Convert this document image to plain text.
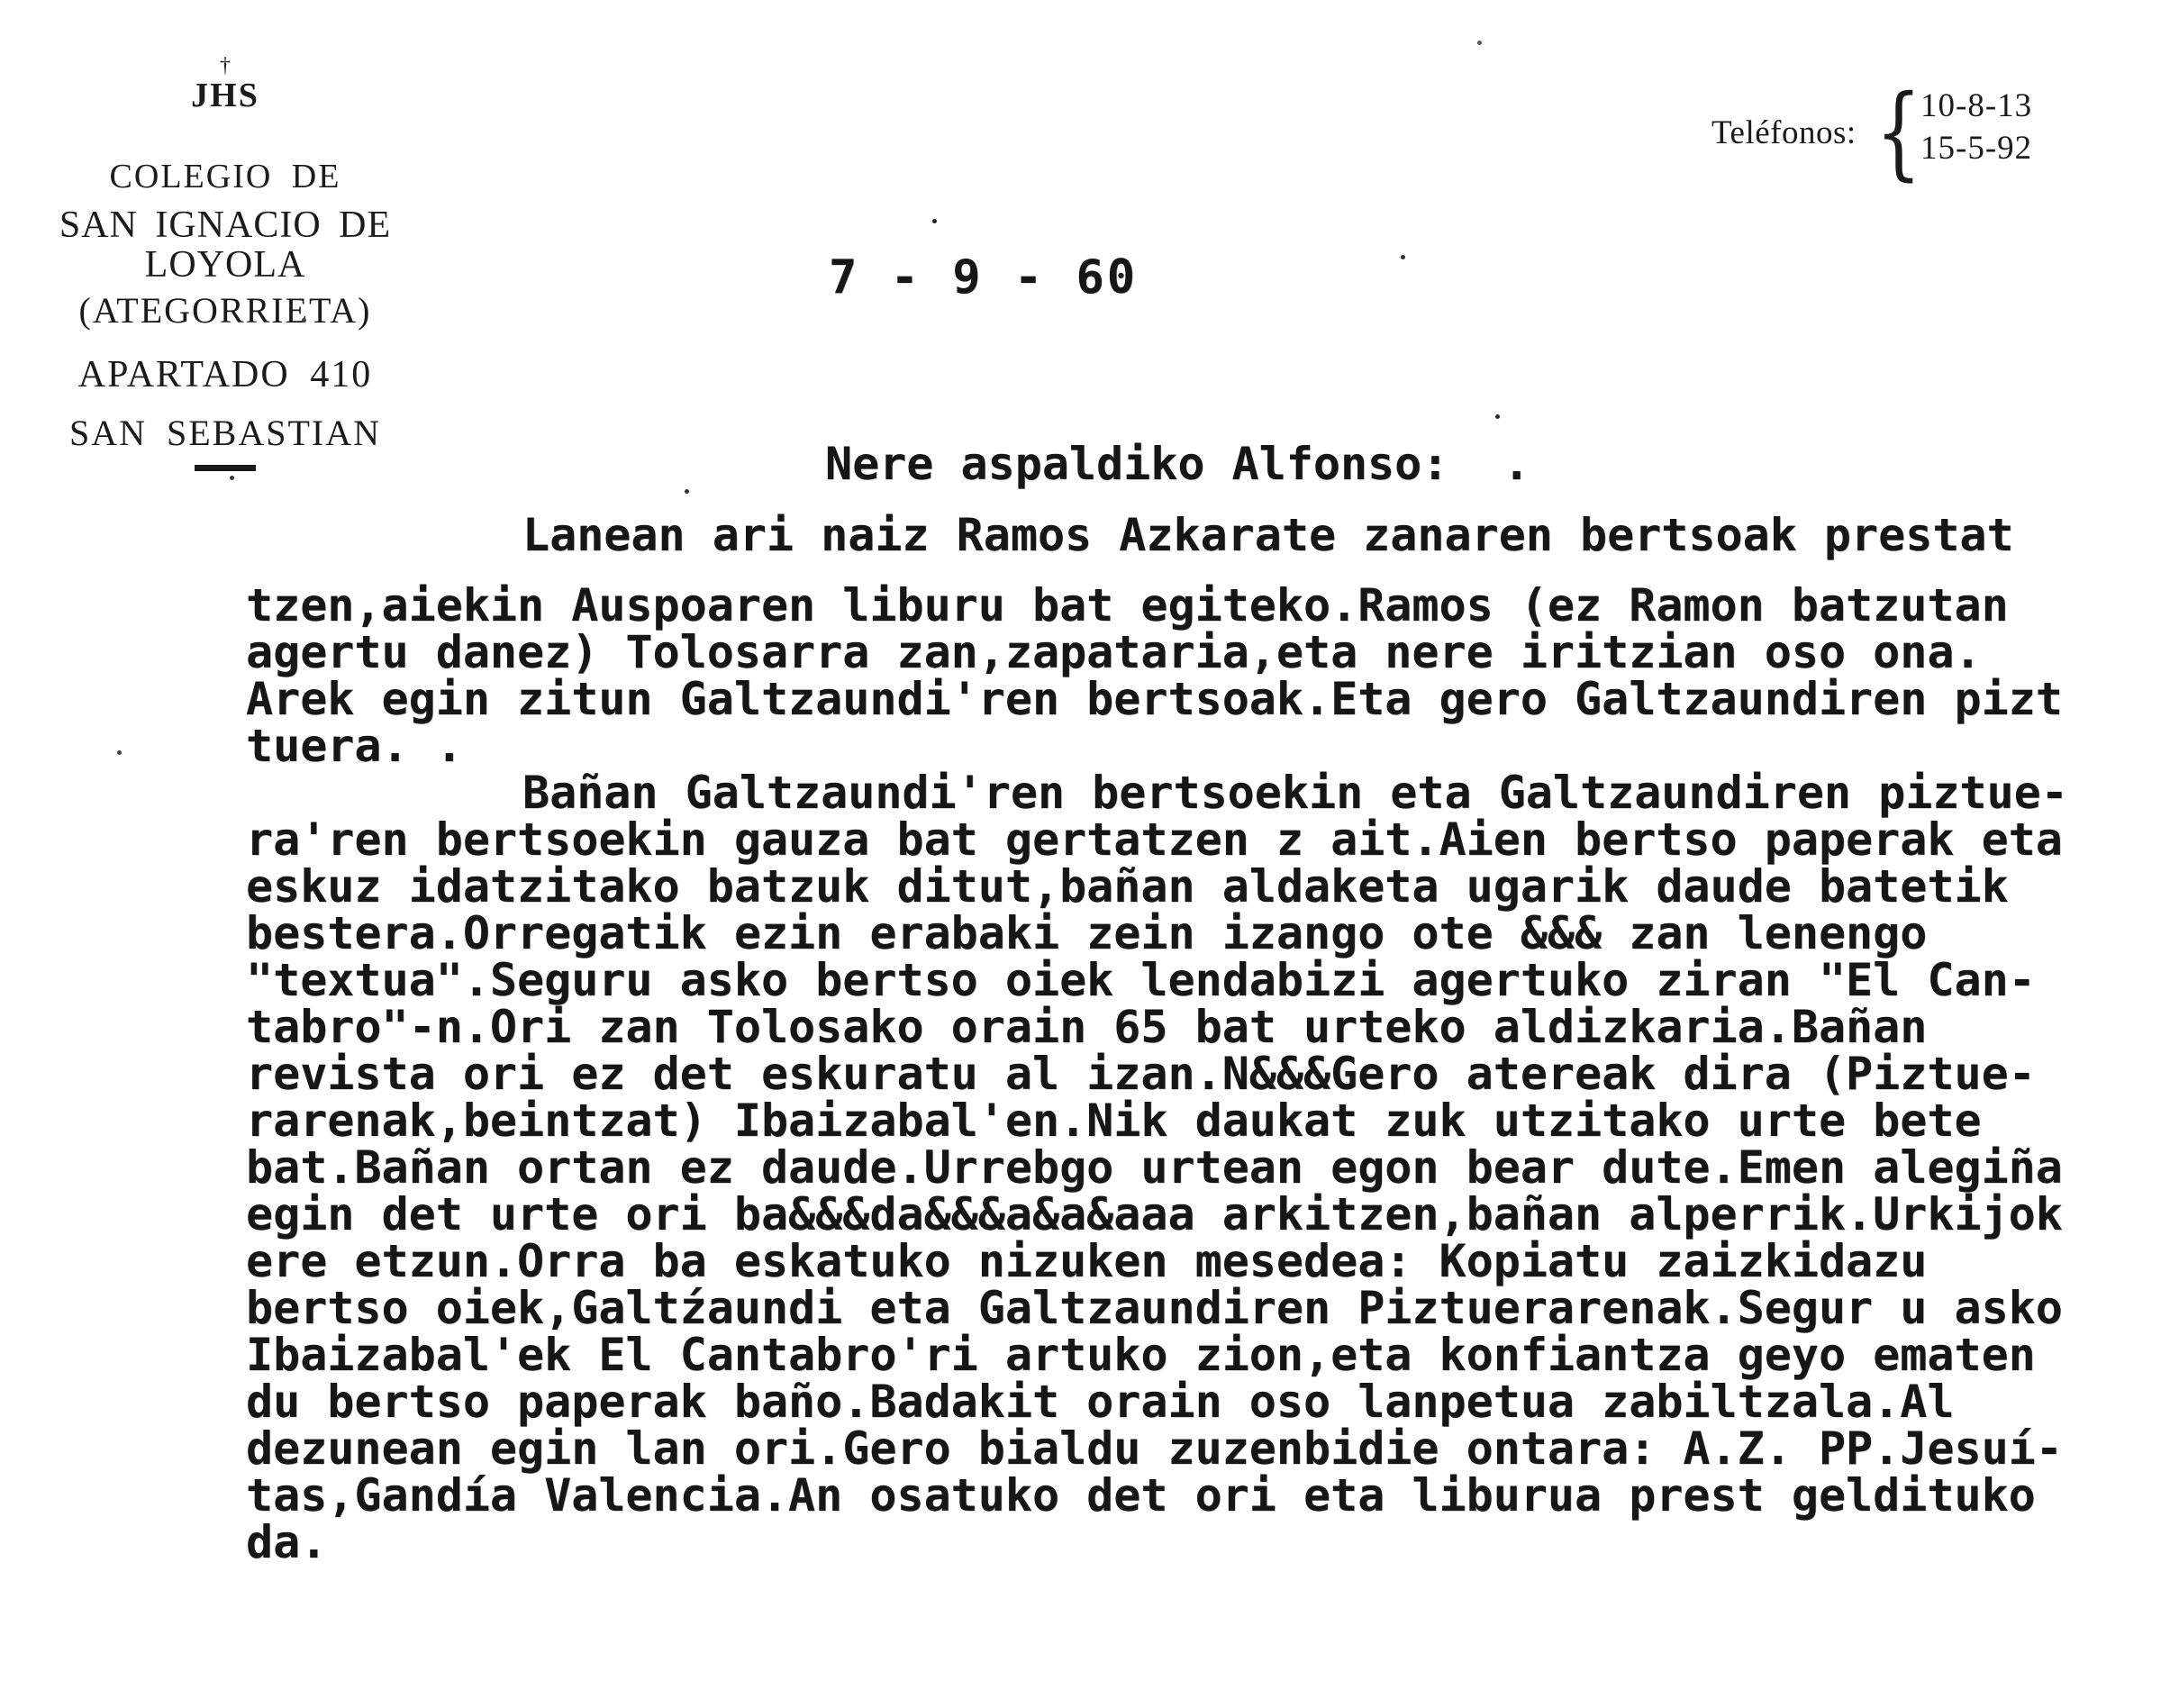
†
JHS
COLEGIO DE
SAN IGNACIO DE LOYOLA
(ATEGORRIETA)
APARTADO 410
SAN SEBASTIAN
Teléfonos: {
10-8-13
15-5-92
7 - 9 - 60
Nere aspaldiko Alfonso:  .
Lanean ari naiz Ramos Azkarate zanaren bertsoak prestat
tzen,aiekin Auspoaren liburu bat egiteko.Ramos (ez Ramon batzutan
agertu danez) Tolosarra zan,zapataria,eta nere iritzian oso ona.
Arek egin zitun Galtzaundi'ren bertsoak.Eta gero Galtzaundiren pizt
tuera. .
Bañan Galtzaundi'ren bertsoekin eta Galtzaundiren piztue-
ra'ren bertsoekin gauza bat gertatzen z ait.Aien bertso paperak eta
eskuz idatzitako batzuk ditut,bañan aldaketa ugarik daude batetik
bestera.Orregatik ezin erabaki zein izango ote &&& zan lenengo
"textua".Seguru asko bertso oiek lendabizi agertuko ziran "El Can-
tabro"-n.Ori zan Tolosako orain 65 bat urteko aldizkaria.Bañan
revista ori ez det eskuratu al izan.N&&&Gero atereak dira (Piztue-
rarenak,beintzat) Ibaizabal'en.Nik daukat zuk utzitako urte bete
bat.Bañan ortan ez daude.Urrebgo urtean egon bear dute.Emen alegiña
egin det urte ori ba&&&da&&&a&a&aaa arkitzen,bañan alperrik.Urkijok
ere etzun.Orra ba eskatuko nizuken mesedea: Kopiatu zaizkidazu
bertso oiek,Galtźaundi eta Galtzaundiren Piztuerarenak.Segur u asko
Ibaizabal'ek El Cantabro'ri artuko zion,eta konfiantza geyo ematen
du bertso paperak baño.Badakit orain oso lanpetua zabiltzala.Al
dezunean egin lan ori.Gero bialdu zuzenbidie ontara: A.Z. PP.Jesuí-
tas,Gandía Valencia.An osatuko det ori eta liburua prest geldituko
da.
